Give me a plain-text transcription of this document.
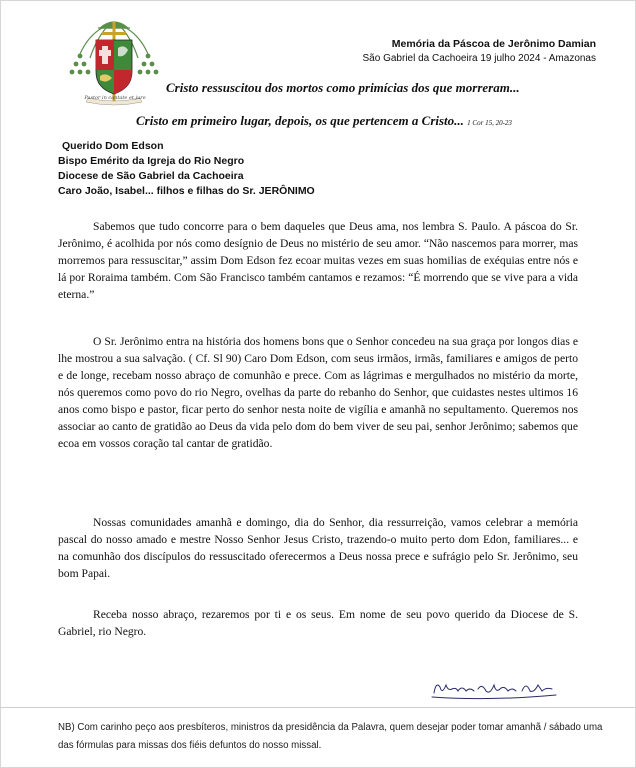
Pastor in cantate et jure
Memória da Páscoa de Jerônimo Damian
São Gabriel da Cachoeira 19 julho 2024 - Amazonas
Cristo ressuscitou dos mortos como primícias dos que morreram...
Cristo em primeiro lugar, depois, os que pertencem a Cristo... 1 Cor 15, 20-23
Querido Dom Edson
Bispo Emérito da Igreja do Rio Negro
Diocese de São Gabriel da Cachoeira
Caro João, Isabel... filhos e filhas do Sr. JERÔNIMO

Sabemos que tudo concorre para o bem daqueles que Deus ama, nos lembra S. Paulo. A páscoa do Sr. Jerônimo, é acolhida por nós como desígnio de Deus no mistério de seu amor. “Não nascemos para morrer, mas morremos para ressuscitar,” assim Dom Edson fez ecoar muitas vezes em suas homilias de exéquias entre nós e lá por Roraima também. Com São Francisco também cantamos e rezamos: “É morrendo que se vive para a vida eterna.”

O Sr. Jerônimo entra na história dos homens bons que o Senhor concedeu na sua graça por longos dias e lhe mostrou a sua salvação. ( Cf. Sl 90) Caro Dom Edson, com seus irmãos, irmãs, familiares e amigos de perto e de longe, recebam nosso abraço de comunhão e prece. Com as lágrimas e mergulhados no mistério da morte, nós queremos como povo do rio Negro, ovelhas da parte do rebanho do Senhor, que cuidastes nestes ultimos 16 anos como bispo e pastor, ficar perto do senhor nesta noite de vigília e amanhã no sepultamento. Queremos nos associar ao canto de gratidão ao Deus da vida pelo dom do bem viver de seu pai, senhor Jerônimo; sabemos que ecoa em vossos coração tal cantar de gratidão.

Nossas comunidades amanhã e domingo, dia do Senhor, dia ressurreição, vamos celebrar a memória pascal do nosso amado e mestre Nosso Senhor Jesus Cristo, trazendo-o muito perto dom Edon, familiares... e na comunhão dos discípulos do ressuscitado oferecermos a Deus nossa prece e sufrágio pelo Sr. Jerônimo, seu bom Papai.

Receba nosso abraço, rezaremos por ti e os seus. Em nome de seu povo querido da Diocese de S. Gabriel, rio Negro.

NB) Com carinho peço aos presbíteros, ministros da presidência da Palavra, quem desejar poder tomar amanhã / sábado uma das fórmulas para missas dos fiéis defuntos do nosso missal.
